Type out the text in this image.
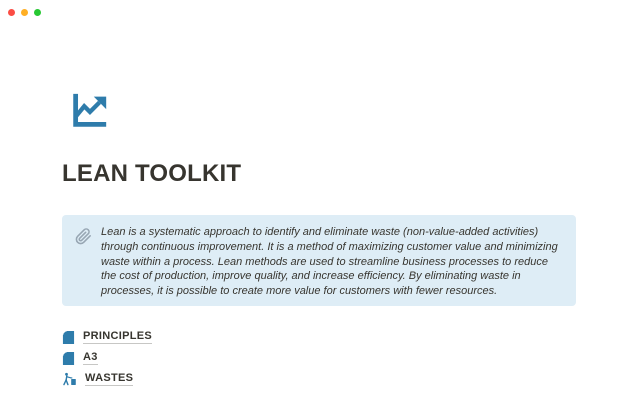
LEAN TOOLKIT
Lean is a systematic approach to identify and eliminate waste (non-value-added activities) through continuous improvement. It is a method of maximizing customer value and minimizing waste within a process. Lean methods are used to streamline business processes to reduce the cost of production, improve quality, and increase efficiency. By eliminating waste in processes, it is possible to create more value for customers with fewer resources.
PRINCIPLES
A3
WASTES
